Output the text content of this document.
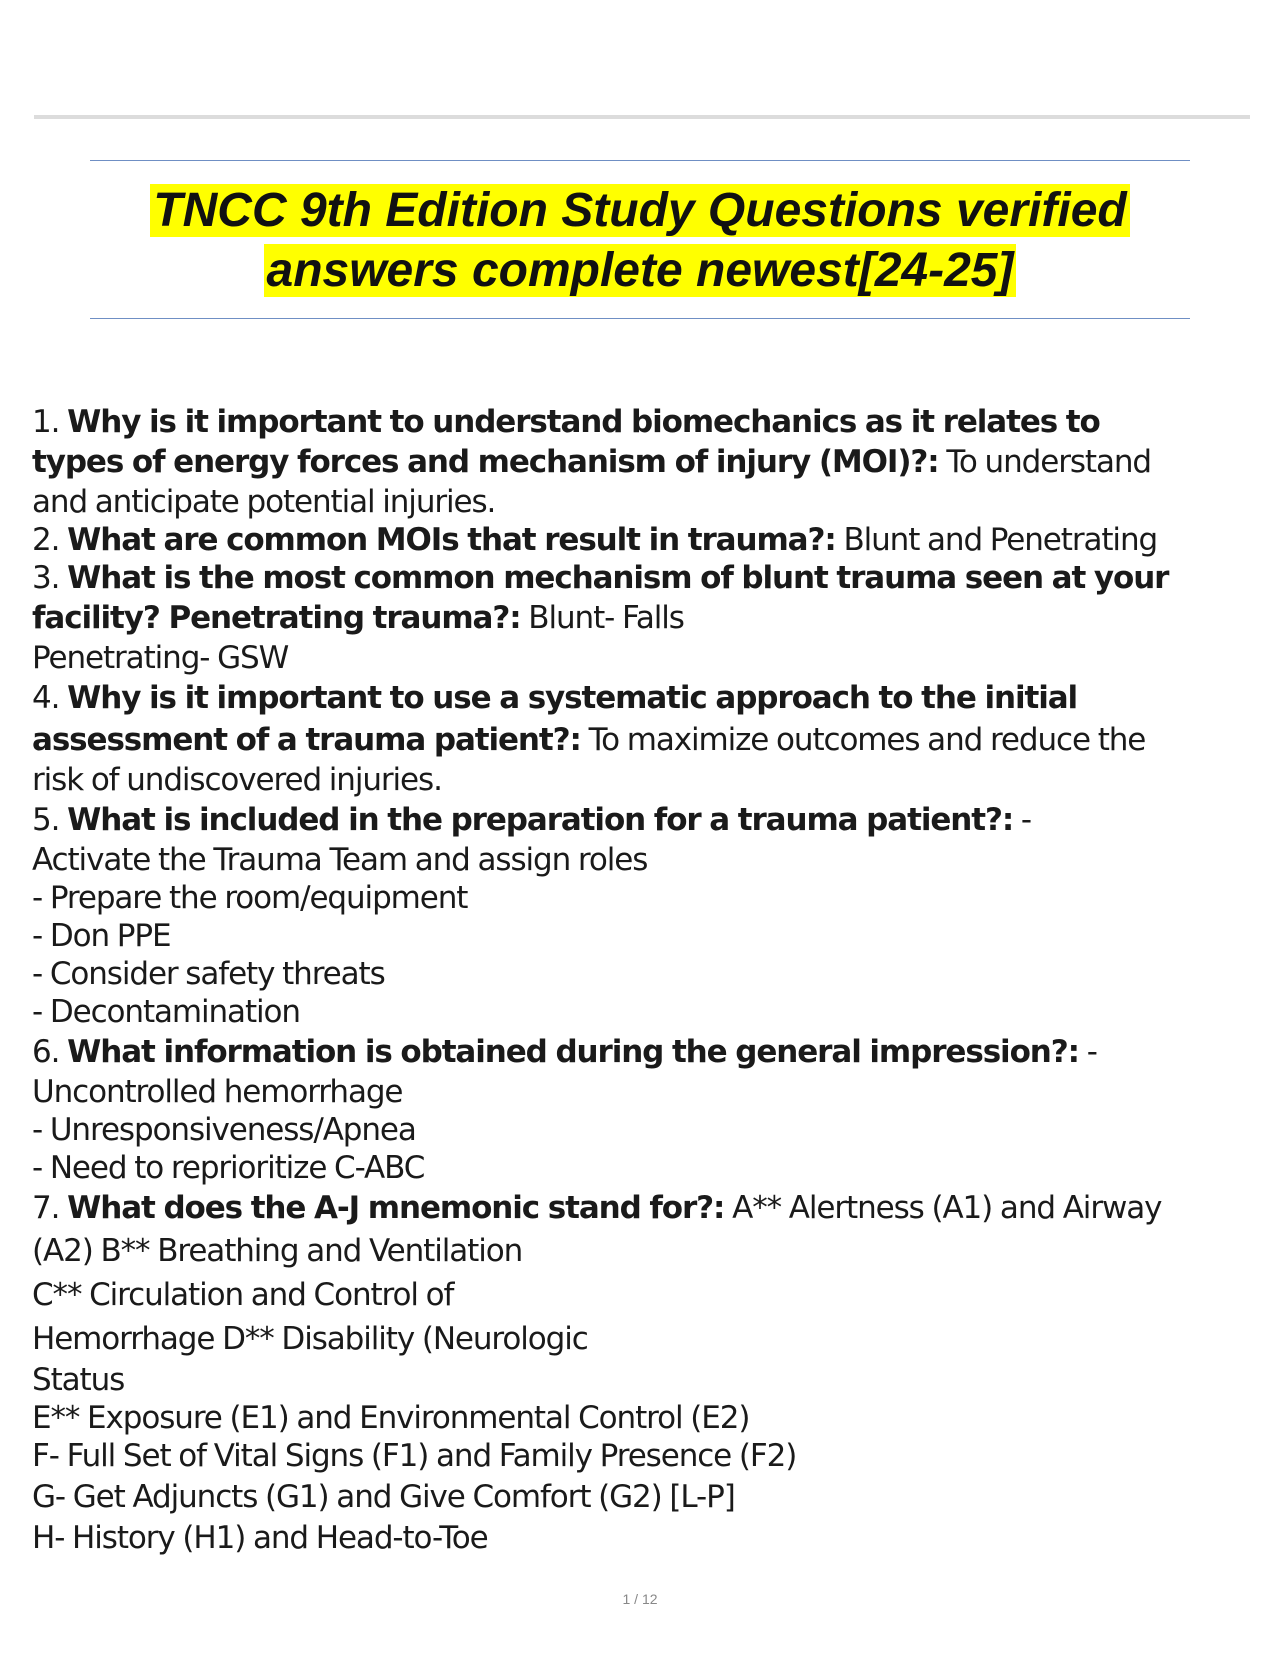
TNCC 9th Edition Study Questions verified
answers complete newest[24-25]
1. Why is it important to understand biomechanics as it relates to
types of energy forces and mechanism of injury (MOI)?: To understand
and anticipate potential injuries.
2. What are common MOIs that result in trauma?: Blunt and Penetrating
3. What is the most common mechanism of blunt trauma seen at your
facility? Penetrating trauma?: Blunt- Falls
Penetrating- GSW
4. Why is it important to use a systematic approach to the initial
assessment of a trauma patient?: To maximize outcomes and reduce the
risk of undiscovered injuries.
5. What is included in the preparation for a trauma patient?: -
Activate the Trauma Team and assign roles
- Prepare the room/equipment
- Don PPE
- Consider safety threats
- Decontamination
6. What information is obtained during the general impression?: -
Uncontrolled hemorrhage
- Unresponsiveness/Apnea
- Need to reprioritize C-ABC
7. What does the A-J mnemonic stand for?: A** Alertness (A1) and Airway
(A2) B** Breathing and Ventilation
C** Circulation and Control of
Hemorrhage D** Disability (Neurologic
Status
E** Exposure (E1) and Environmental Control (E2)
F- Full Set of Vital Signs (F1) and Family Presence (F2)
G- Get Adjuncts (G1) and Give Comfort (G2) [L-P]
H- History (H1) and Head-to-Toe
1 / 12
